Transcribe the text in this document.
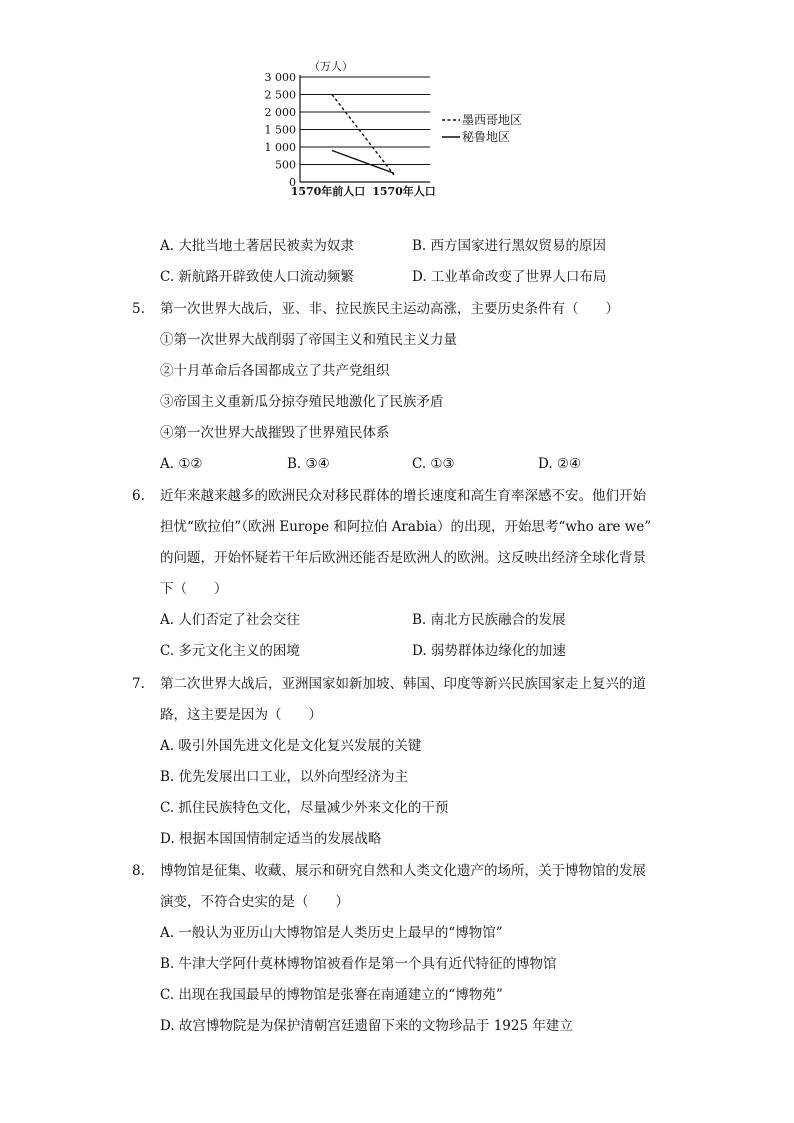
（万人）
3 000
2 500
2 000
1 500
1 000
500
0
1570年前人口 1570年人口
墨西哥地区
秘鲁地区
A. 大批当地土著居民被卖为奴隶	B. 西方国家进行黑奴贸易的原因
C. 新航路开辟致使人口流动频繁	D. 工业革命改变了世界人口布局
5. 第一次世界大战后，亚、非、拉民族民主运动高涨，主要历史条件有（　　）
①第一次世界大战削弱了帝国主义和殖民主义力量
②十月革命后各国都成立了共产党组织
③帝国主义重新瓜分掠夺殖民地激化了民族矛盾
④第一次世界大战摧毁了世界殖民体系
A. ①②	B. ③④	C. ①③	D. ②④
6. 近年来越来越多的欧洲民众对移民群体的增长速度和高生育率深感不安。他们开始
担忧“欧拉伯”（欧洲 Europe 和阿拉伯 Arabia）的出现，开始思考“who are we”
的问题，开始怀疑若干年后欧洲还能否是欧洲人的欧洲。这反映出经济全球化背景
下（　　）
A. 人们否定了社会交往	B. 南北方民族融合的发展
C. 多元文化主义的困境	D. 弱势群体边缘化的加速
7. 第二次世界大战后，亚洲国家如新加坡、韩国、印度等新兴民族国家走上复兴的道
路，这主要是因为（　　）
A. 吸引外国先进文化是文化复兴发展的关键
B. 优先发展出口工业，以外向型经济为主
C. 抓住民族特色文化，尽量减少外来文化的干预
D. 根据本国国情制定适当的发展战略
8. 博物馆是征集、收藏、展示和研究自然和人类文化遗产的场所，关于博物馆的发展
演变，不符合史实的是（　　）
A. 一般认为亚历山大博物馆是人类历史上最早的“博物馆”
B. 牛津大学阿什莫林博物馆被看作是第一个具有近代特征的博物馆
C. 出现在我国最早的博物馆是张謇在南通建立的“博物苑”
D. 故宫博物院是为保护清朝宫廷遗留下来的文物珍品于 1925 年建立
